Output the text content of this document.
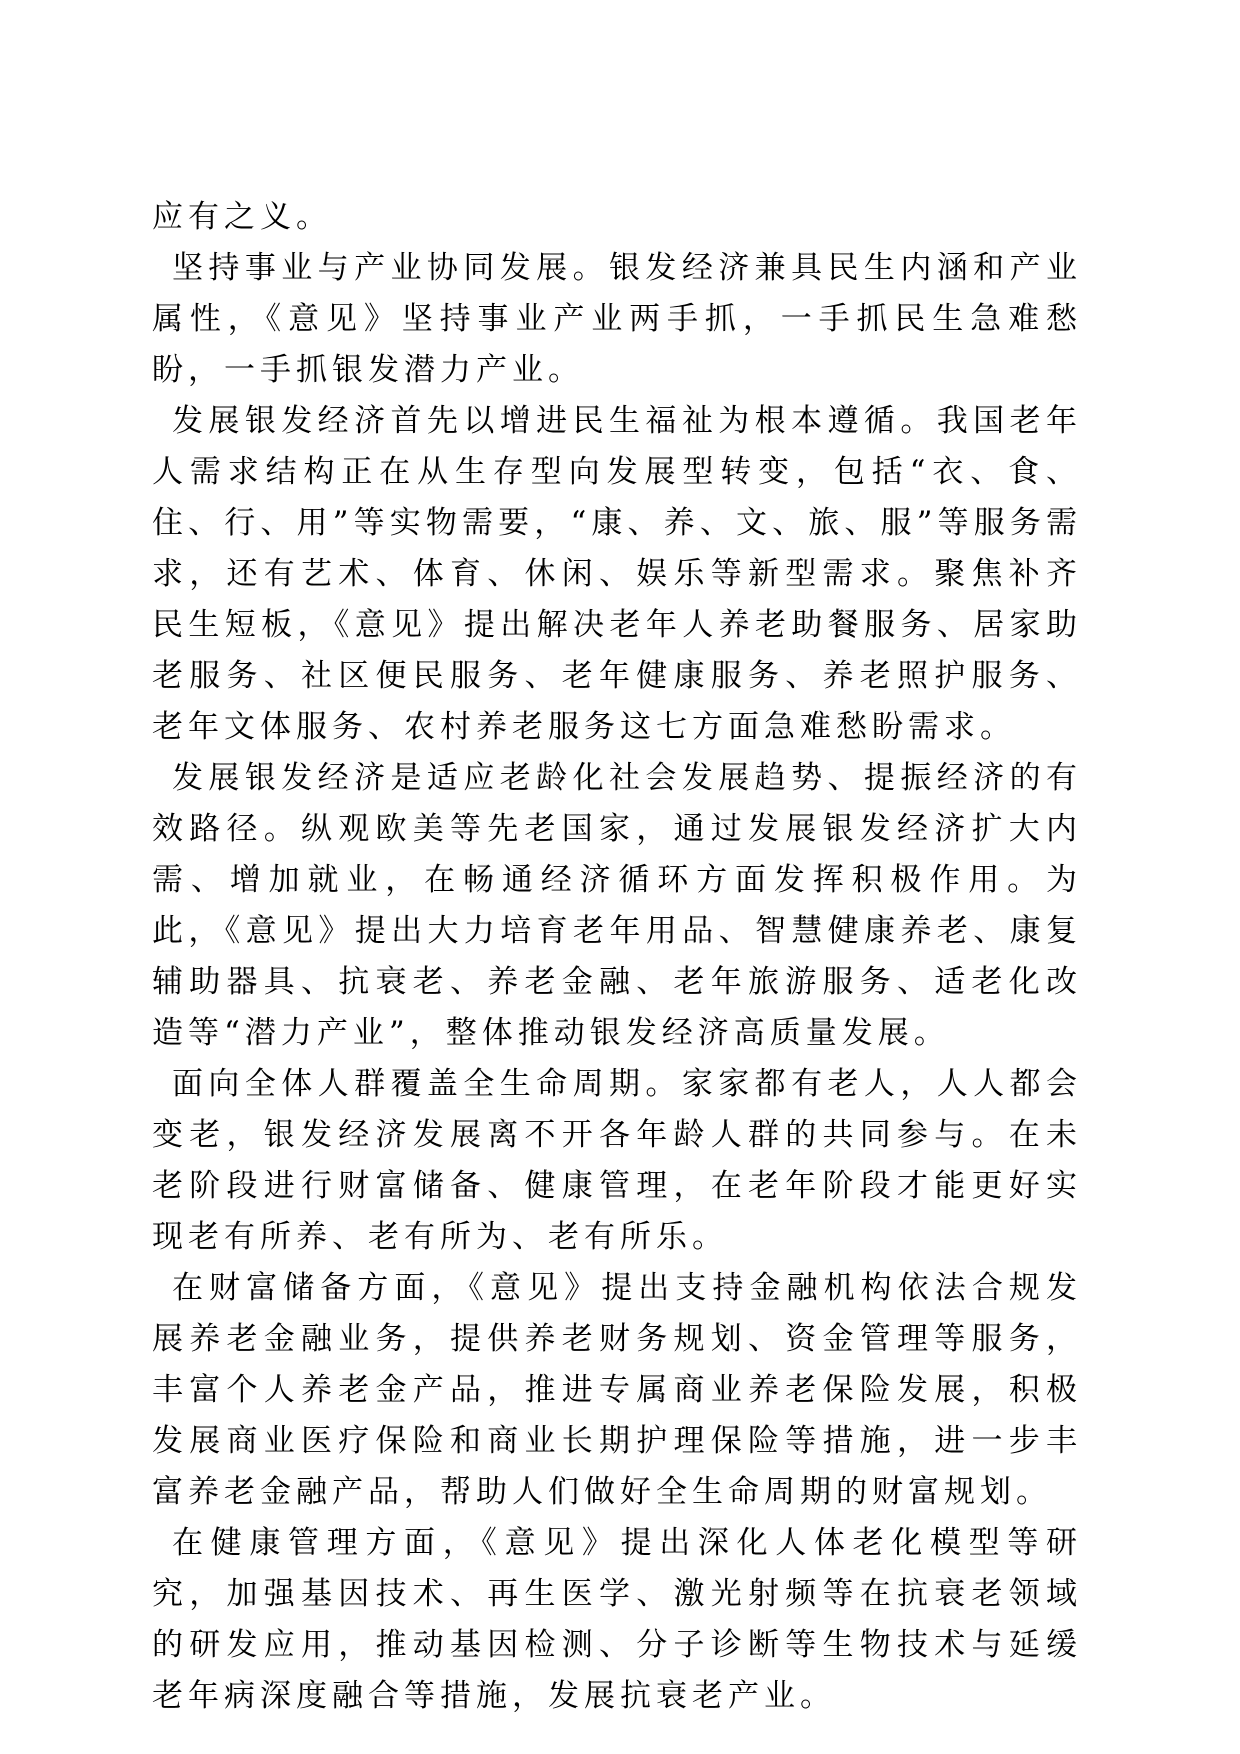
应有之义。

坚持事业与产业协同发展。银发经济兼具民生内涵和产业属性，《意见》坚持事业产业两手抓，一手抓民生急难愁盼，一手抓银发潜力产业。

发展银发经济首先以增进民生福祉为根本遵循。我国老年人需求结构正在从生存型向发展型转变，包括“衣、食、住、行、用”等实物需要，“康、养、文、旅、服”等服务需求，还有艺术、体育、休闲、娱乐等新型需求。聚焦补齐民生短板，《意见》提出解决老年人养老助餐服务、居家助老服务、社区便民服务、老年健康服务、养老照护服务、老年文体服务、农村养老服务这七方面急难愁盼需求。

发展银发经济是适应老龄化社会发展趋势、提振经济的有效路径。纵观欧美等先老国家，通过发展银发经济扩大内需、增加就业，在畅通经济循环方面发挥积极作用。为此，《意见》提出大力培育老年用品、智慧健康养老、康复辅助器具、抗衰老、养老金融、老年旅游服务、适老化改造等“潜力产业”，整体推动银发经济高质量发展。

面向全体人群覆盖全生命周期。家家都有老人，人人都会变老，银发经济发展离不开各年龄人群的共同参与。在未老阶段进行财富储备、健康管理，在老年阶段才能更好实现老有所养、老有所为、老有所乐。

在财富储备方面，《意见》提出支持金融机构依法合规发展养老金融业务，提供养老财务规划、资金管理等服务，丰富个人养老金产品，推进专属商业养老保险发展，积极发展商业医疗保险和商业长期护理保险等措施，进一步丰富养老金融产品，帮助人们做好全生命周期的财富规划。

在健康管理方面，《意见》提出深化人体老化模型等研究，加强基因技术、再生医学、激光射频等在抗衰老领域的研发应用，推动基因检测、分子诊断等生物技术与延缓老年病深度融合等措施，发展抗衰老产业。
